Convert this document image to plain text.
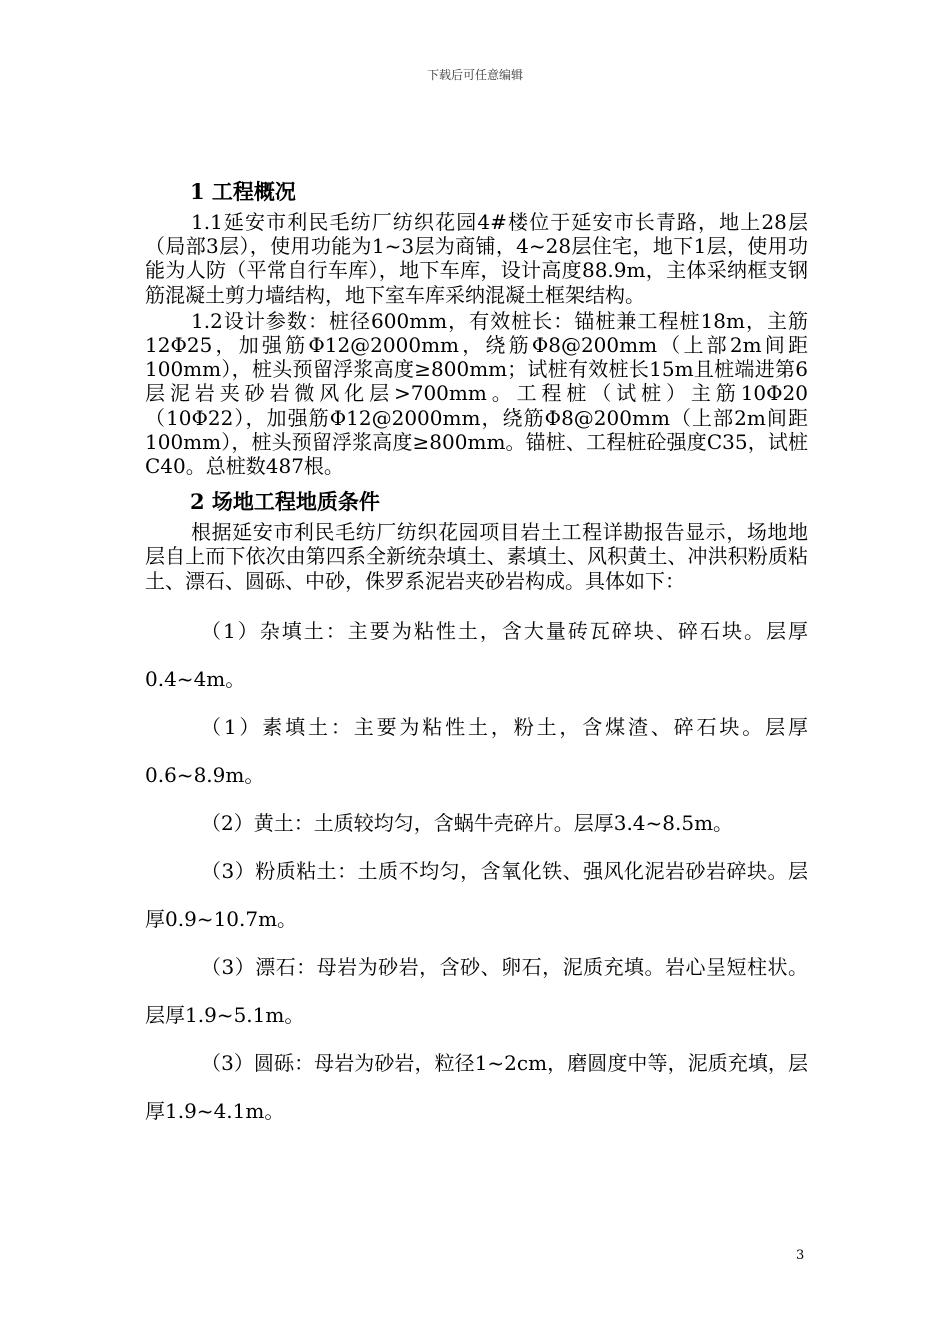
下载后可任意编辑
1 工程概况

1.1延安市利民毛纺厂纺织花园4#楼位于延安市长青路，地上28层（局部3层），使用功能为1~3层为商铺，4~28层住宅，地下1层，使用功能为人防（平常自行车库），地下车库，设计高度88.9m，主体采纳框支钢筋混凝土剪力墙结构，地下室车库采纳混凝土框架结构。

1.2设计参数：桩径600mm，有效桩长：锚桩兼工程桩18m，主筋12Φ25，加强筋Φ12@2000mm，绕筋Φ8@200mm（上部2m间距100mm），桩头预留浮浆高度≥800mm；试桩有效桩长15m且桩端进第6层泥岩夹砂岩微风化层>700mm。工程桩（试桩）主筋10Φ20（10Φ22），加强筋Φ12@2000mm，绕筋Φ8@200mm（上部2m间距100mm），桩头预留浮浆高度≥800mm。锚桩、工程桩砼强度C35，试桩C40。总桩数487根。

2 场地工程地质条件

根据延安市利民毛纺厂纺织花园项目岩土工程详勘报告显示，场地地层自上而下依次由第四系全新统杂填土、素填土、风积黄土、冲洪积粉质粘土、漂石、圆砾、中砂，侏罗系泥岩夹砂岩构成。具体如下：

（1）杂填土：主要为粘性土，含大量砖瓦碎块、碎石块。层厚0.4~4m。

（1）素填土：主要为粘性土，粉土，含煤渣、碎石块。层厚0.6~8.9m。

（2）黄土：土质较均匀，含蜗牛壳碎片。层厚3.4~8.5m。

（3）粉质粘土：土质不均匀，含氧化铁、强风化泥岩砂岩碎块。层厚0.9~10.7m。

（3）漂石：母岩为砂岩，含砂、卵石，泥质充填。岩心呈短柱状。层厚1.9~5.1m。

（3）圆砾：母岩为砂岩，粒径1~2cm，磨圆度中等，泥质充填，层厚1.9~4.1m。

3
